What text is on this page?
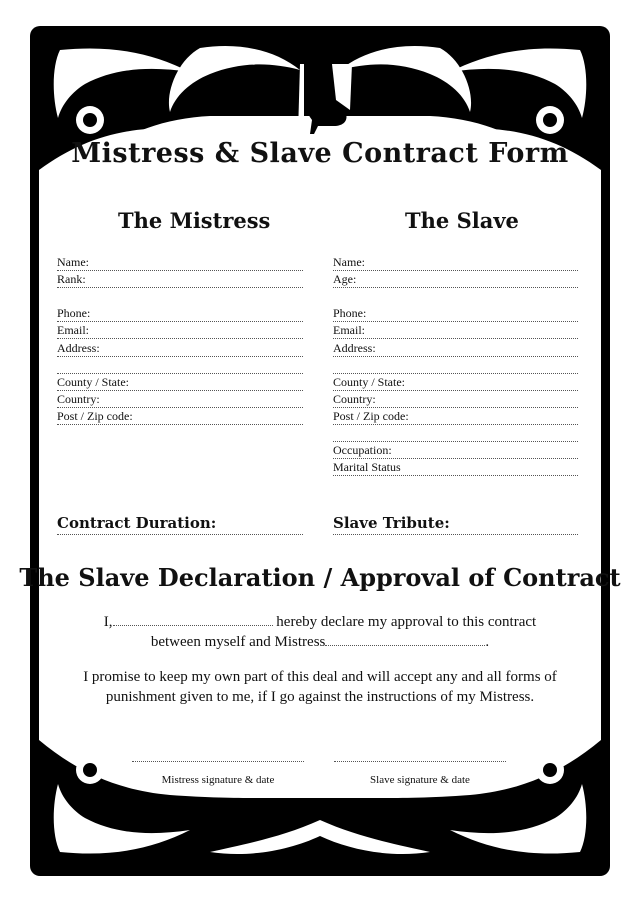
Mistress & Slave Contract Form
The Mistress	The Slave
Name:
Rank:
Phone:
Email:
Address:
County / State:
Country:
Post / Zip code:
Name:
Age:
Phone:
Email:
Address:
County / State:
Country:
Post / Zip code:
Occupation:
Marital Status
Contract Duration:	Slave Tribute:
The Slave Declaration / Approval of Contract
I,	hereby declare my approval to this contract
between myself and Mistress	.
I promise to keep my own part of this deal and will accept any and all forms of
punishment given to me, if I go against the instructions of my Mistress.
Mistress signature & date	Slave signature & date
